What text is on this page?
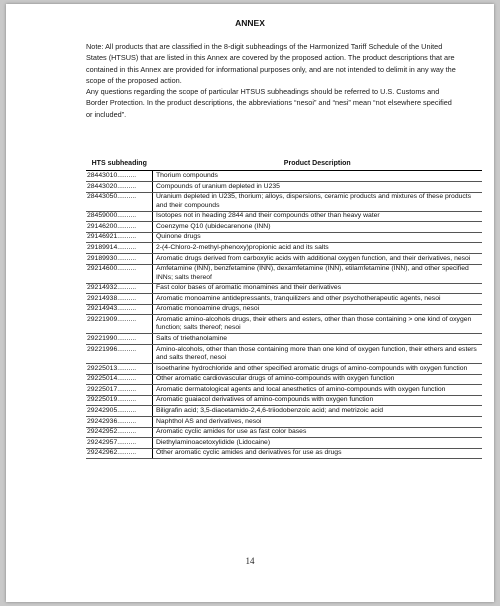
ANNEX

Note: All products that are classified in the 8-digit subheadings of the Harmonized Tariff Schedule of the United States (HTSUS) that are listed in this Annex are covered by the proposed action. The product descriptions that are contained in this Annex are provided for informational purposes only, and are not intended to delimit in any way the scope of the proposed action.

Any questions regarding the scope of particular HTSUS subheadings should be referred to U.S. Customs and Border Protection. In the product descriptions, the abbreviations “nesoi” and “nesi” mean “not elsewhere specified or included”.

HTS subheading	Product Description
28443010..........	Thorium compounds
28443020..........	Compounds of uranium depleted in U235
28443050..........	Uranium depleted in U235, thorium; alloys, dispersions, ceramic products and mixtures of these products and their compounds
28459000..........	Isotopes not in heading 2844 and their compounds other than heavy water
29146200..........	Coenzyme Q10 (ubidecarenone (INN)
29146921..........	Quinone drugs
29189914..........	2-(4-Chloro-2-methyl-phenoxy)propionic acid and its salts
29189930..........	Aromatic drugs derived from carboxylic acids with additional oxygen function, and their derivatives, nesoi
29214600..........	Amfetamine (INN), benzfetamine (INN), dexamfetamine (INN), etilamfetamine (INN), and other specified INNs; salts thereof
29214932..........	Fast color bases of aromatic monamines and their derivatives
29214938..........	Aromatic monoamine antidepressants, tranquilizers and other psychotherapeutic agents, nesoi
29214943..........	Aromatic monoamine drugs, nesoi
29221909..........	Aromatic amino-alcohols drugs, their ethers and esters, other than those containing > one kind of oxygen function; salts thereof; nesoi
29221990..........	Salts of triethanolamine
29221996..........	Amino-alcohols, other than those containing more than one kind of oxygen function, their ethers and esters and salts thereof, nesoi
29225013..........	Isoetharine hydrochloride and other specified aromatic drugs of amino-compounds with oxygen function
29225014..........	Other aromatic cardiovascular drugs of amino-compounds with oxygen function
29225017..........	Aromatic dermatological agents and local anesthetics of amino-compounds with oxygen function
29225019..........	Aromatic guaiacol derivatives of amino-compounds with oxygen function
29242905..........	Biligrafin acid; 3,5-diacetamido-2,4,6-triiodobenzoic acid; and metrizoic acid
29242936..........	Naphthol AS and derivatives, nesoi
29242952..........	Aromatic cyclic amides for use as fast color bases
29242957..........	Diethylaminoacetoxylidide (Lidocaine)
29242962..........	Other aromatic cyclic amides and derivatives for use as drugs
14
